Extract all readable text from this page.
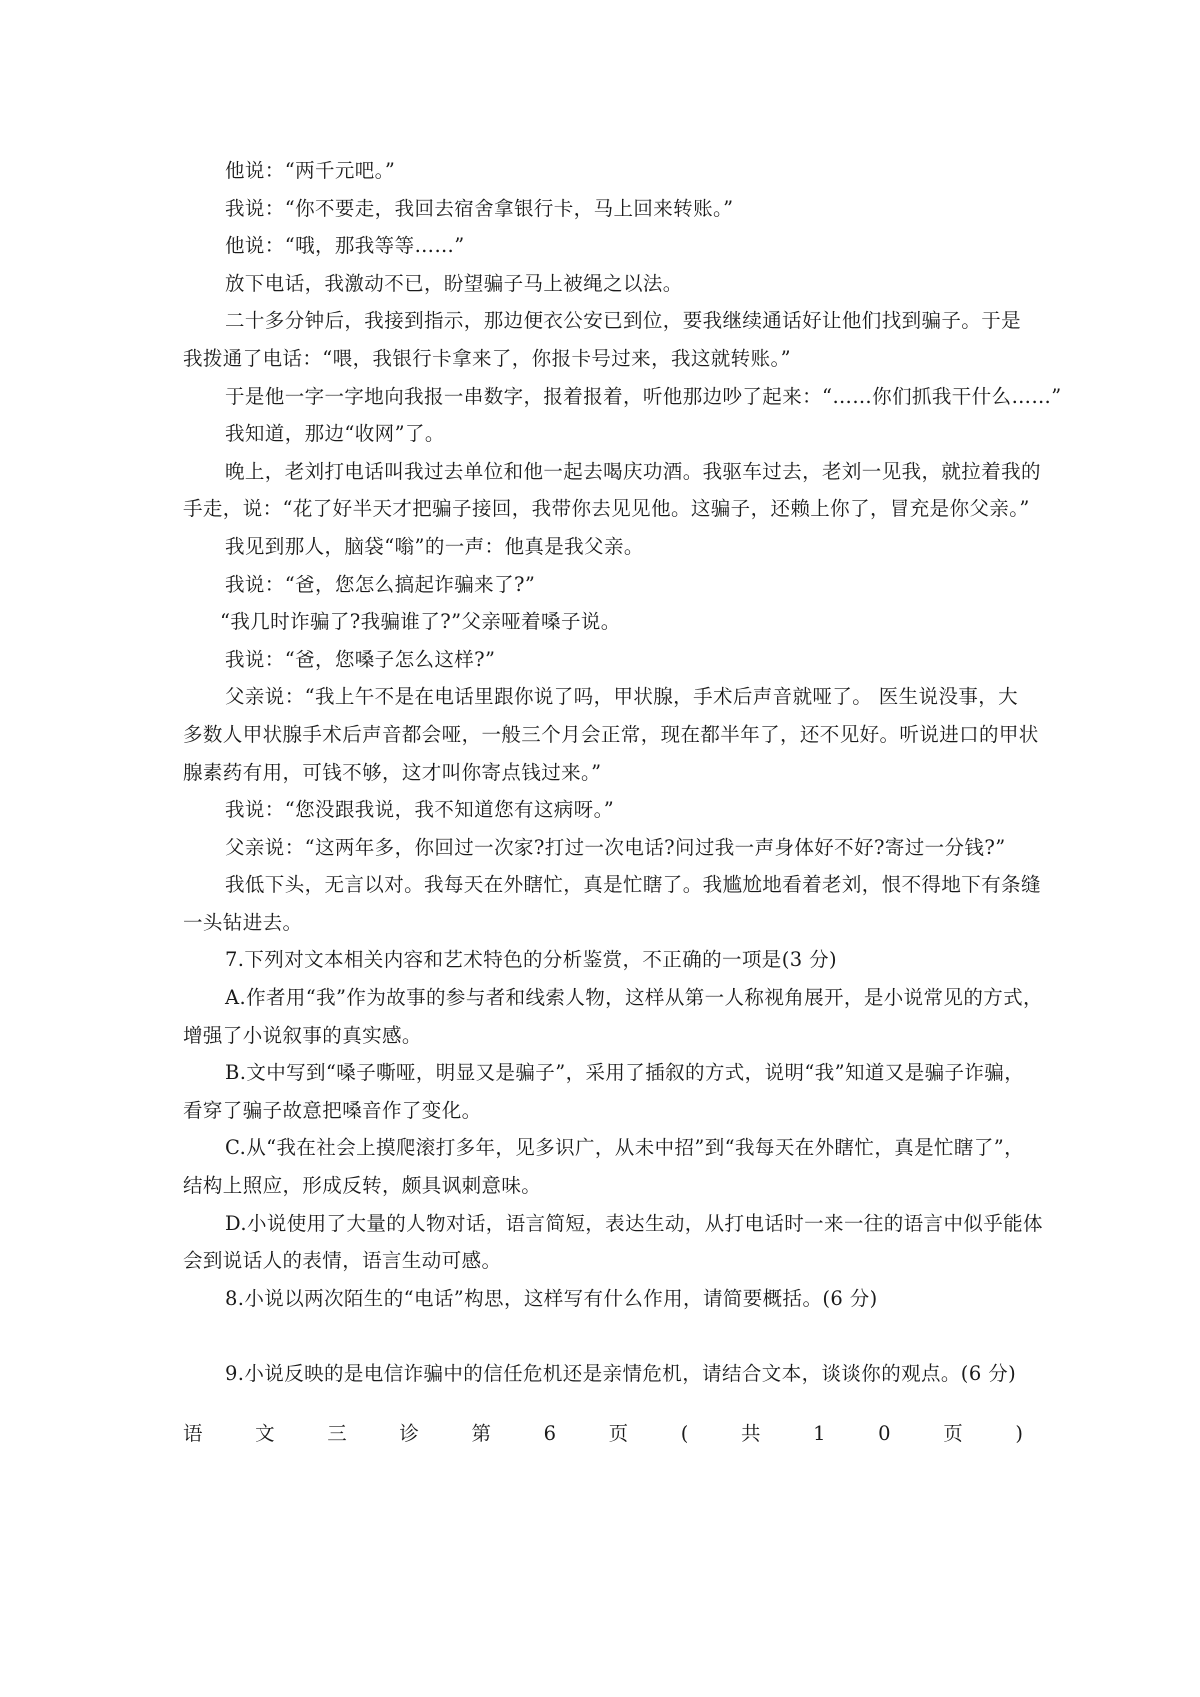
他说：“两千元吧。”
我说：“你不要走，我回去宿舍拿银行卡，马上回来转账。”
他说：“哦，那我等等……”
放下电话，我激动不已，盼望骗子马上被绳之以法。
二十多分钟后，我接到指示，那边便衣公安已到位，要我继续通话好让他们找到骗子。于是
我拨通了电话：“喂，我银行卡拿来了，你报卡号过来，我这就转账。”
于是他一字一字地向我报一串数字，报着报着，听他那边吵了起来：“……你们抓我干什么……”
我知道，那边“收网”了。
晚上，老刘打电话叫我过去单位和他一起去喝庆功酒。我驱车过去，老刘一见我，就拉着我的
手走，说：“花了好半天才把骗子接回，我带你去见见他。这骗子，还赖上你了，冒充是你父亲。”
我见到那人，脑袋“嗡”的一声：他真是我父亲。
我说：“爸，您怎么搞起诈骗来了?”
“我几时诈骗了?我骗谁了?”父亲哑着嗓子说。
我说：“爸，您嗓子怎么这样?”
父亲说：“我上午不是在电话里跟你说了吗，甲状腺，手术后声音就哑了。 医生说没事，大
多数人甲状腺手术后声音都会哑，一般三个月会正常，现在都半年了，还不见好。听说进口的甲状
腺素药有用，可钱不够，这才叫你寄点钱过来。”
我说：“您没跟我说，我不知道您有这病呀。”
父亲说：“这两年多，你回过一次家?打过一次电话?问过我一声身体好不好?寄过一分钱?”
我低下头，无言以对。我每天在外瞎忙，真是忙瞎了。我尴尬地看着老刘，恨不得地下有条缝
一头钻进去。
7.下列对文本相关内容和艺术特色的分析鉴赏，不正确的一项是(3 分)
A.作者用“我”作为故事的参与者和线索人物，这样从第一人称视角展开，是小说常见的方式，
增强了小说叙事的真实感。
B.文中写到“嗓子嘶哑，明显又是骗子”，采用了插叙的方式，说明“我”知道又是骗子诈骗，
看穿了骗子故意把嗓音作了变化。
C.从“我在社会上摸爬滚打多年，见多识广，从未中招”到“我每天在外瞎忙，真是忙瞎了”，
结构上照应，形成反转，颇具讽刺意味。
D.小说使用了大量的人物对话，语言简短，表达生动，从打电话时一来一往的语言中似乎能体
会到说话人的表情，语言生动可感。
8.小说以两次陌生的“电话”构思，这样写有什么作用，请简要概括。(6 分)
9.小说反映的是电信诈骗中的信任危机还是亲情危机，请结合文本，谈谈你的观点。(6 分)
语	文	三	诊	第	6	页	(	共	1	0	页	)
